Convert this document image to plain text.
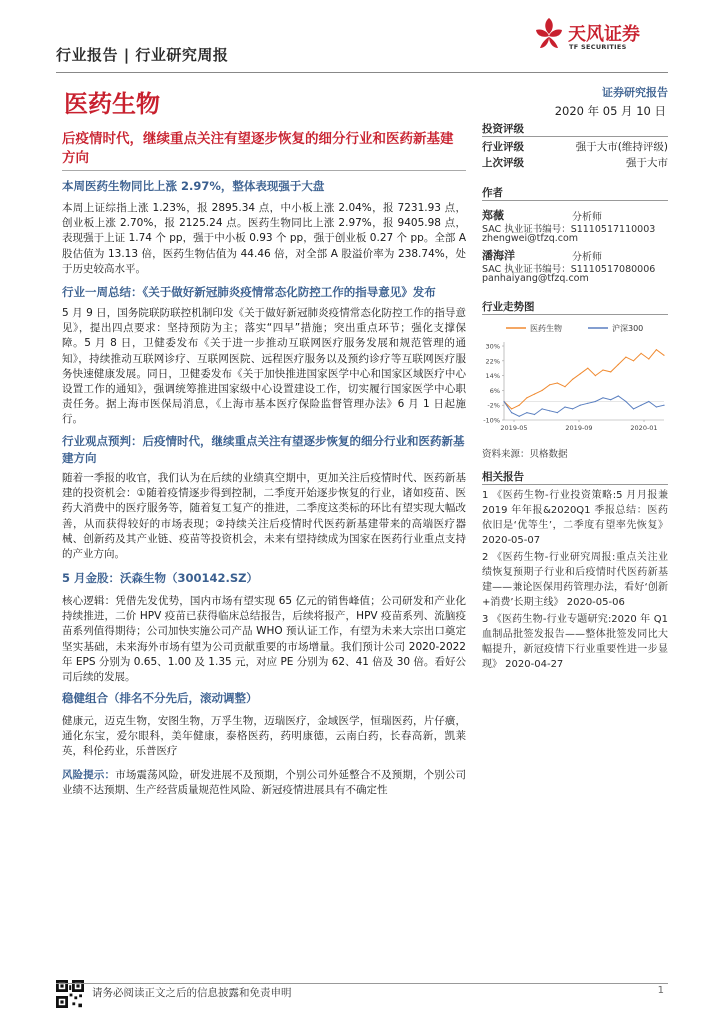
行业报告 | 行业研究周报
天风证券
TF SECURITIES
医药生物	证券研究报告
2020 年 05 月 10 日
后疫情时代，继续重点关注有望逐步恢复的细分行业和医药新基建方向
本周医药生物同比上涨 2.97%，整体表现强于大盘
本周上证综指上涨 1.23%，报 2895.34 点，中小板上涨 2.04%，报 7231.93 点，创业板上涨 2.70%，报 2125.24 点。医药生物同比上涨 2.97%，报 9405.98 点，表现强于上证 1.74 个 pp，强于中小板 0.93 个 pp，强于创业板 0.27 个 pp。全部 A 股估值为 13.13 倍，医药生物估值为 44.46 倍，对全部 A 股溢价率为 238.74%，处于历史较高水平。
行业一周总结：《关于做好新冠肺炎疫情常态化防控工作的指导意见》发布
5 月 9 日，国务院联防联控机制印发《关于做好新冠肺炎疫情常态化防控工作的指导意见》，提出四点要求：坚持预防为主；落实“四早”措施；突出重点环节；强化支撑保障。5 月 8 日，卫健委发布《关于进一步推动互联网医疗服务发展和规范管理的通知》，持续推动互联网诊疗、互联网医院、远程医疗服务以及预约诊疗等互联网医疗服务快速健康发展。同日，卫健委发布《关于加快推进国家医学中心和国家区域医疗中心设置工作的通知》，强调统筹推进国家级中心设置建设工作，切实履行国家医学中心职责任务。据上海市医保局消息，《上海市基本医疗保险监督管理办法》6 月 1 日起施行。
行业观点预判：后疫情时代，继续重点关注有望逐步恢复的细分行业和医药新基建方向
随着一季报的收官，我们认为在后续的业绩真空期中，更加关注后疫情时代、医药新基建的投资机会：①随着疫情逐步得到控制，二季度开始逐步恢复的行业，诸如疫苗、医药大消费中的医疗服务等，随着复工复产的推进，二季度这类标的环比有望实现大幅改善，从而获得较好的市场表现；②持续关注后疫情时代医药新基建带来的高端医疗器械、创新药及其产业链、疫苗等投资机会，未来有望持续成为国家在医药行业重点支持的产业方向。
5 月金股：沃森生物（300142.SZ）
核心逻辑：凭借先发优势，国内市场有望实现 65 亿元的销售峰值；公司研发和产业化持续推进，二价 HPV 疫苗已获得临床总结报告，后续将报产，HPV 疫苗系列、流脑疫苗系列值得期待；公司加快实施公司产品 WHO 预认证工作，有望为未来大宗出口奠定坚实基础，未来海外市场有望为公司贡献重要的市场增量。我们预计公司 2020-2022 年 EPS 分别为 0.65、1.00 及 1.35 元，对应 PE 分别为 62、41 倍及 30 倍。看好公司后续的发展。
稳健组合（排名不分先后，滚动调整）
健康元，迈克生物，安图生物，万孚生物，迈瑞医疗，金域医学，恒瑞医药，片仔癀，通化东宝，爱尔眼科，美年健康，泰格医药，药明康德，云南白药，长春高新，凯莱英，科伦药业，乐普医疗
风险提示：市场震荡风险，研发进展不及预期，个别公司外延整合不及预期，个别公司业绩不达预期、生产经营质量规范性风险、新冠疫情进展具有不确定性
投资评级
行业评级	强于大市(维持评级)
上次评级	强于大市
作者
郑薇	分析师
SAC 执业证书编号：S1110517110003
zhengwei@tfzq.com
潘海洋	分析师
SAC 执业证书编号：S1110517080006
panhaiyang@tfzq.com
行业走势图
医药生物	沪深300
-10%
-2%
6%
14%
22%
30%
2019-05	2019-09	2020-01
资料来源：贝格数据
相关报告
1 《医药生物-行业投资策略:5 月月报兼 2019 年年报&2020Q1 季报总结：医药依旧是‘优等生’，二季度有望率先恢复》 2020-05-07
2 《医药生物-行业研究周报:重点关注业绩恢复预期子行业和后疫情时代医药新基建——兼论医保用药管理办法，看好‘创新+消费’长期主线》 2020-05-06
3 《医药生物-行业专题研究:2020 年 Q1 血制品批签发报告——整体批签发同比大幅提升，新冠疫情下行业重要性进一步显现》 2020-04-27
请务必阅读正文之后的信息披露和免责申明	1
